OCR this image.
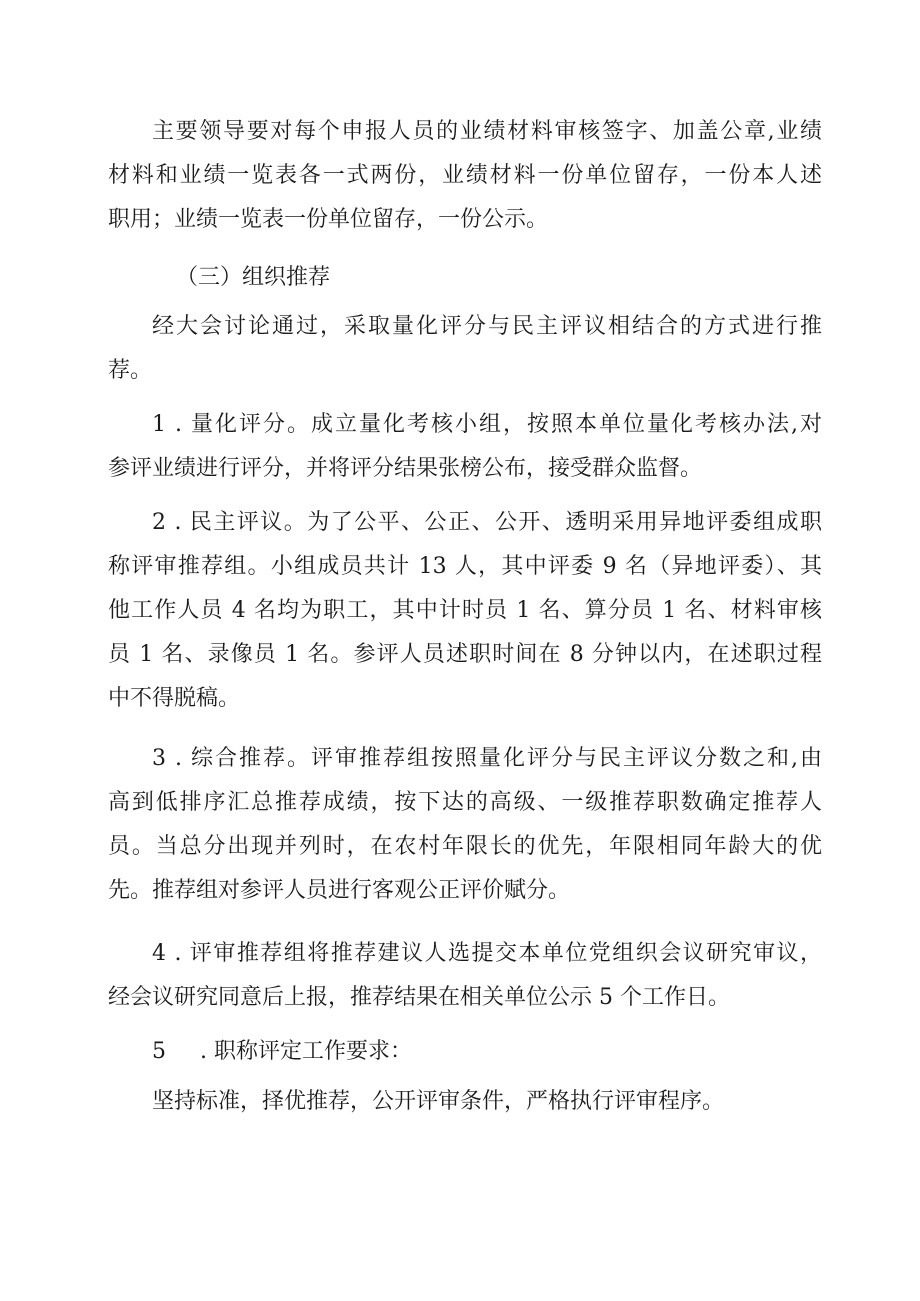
主要领导要对每个申报人员的业绩材料审核签字、加盖公章,业绩
材料和业绩一览表各一式两份，业绩材料一份单位留存，一份本人述
职用；业绩一览表一份单位留存，一份公示。

（三）组织推荐

经大会讨论通过，采取量化评分与民主评议相结合的方式进行推
荐。
1 . 量化评分。成立量化考核小组，按照本单位量化考核办法,对
参评业绩进行评分，并将评分结果张榜公布，接受群众监督。
2 . 民主评议。为了公平、公正、公开、透明采用异地评委组成职
称评审推荐组。小组成员共计 13 人，其中评委 9 名（异地评委）、其
他工作人员 4 名均为职工，其中计时员 1 名、算分员 1 名、材料审核
员 1 名、录像员 1 名。参评人员述职时间在 8 分钟以内，在述职过程
中不得脱稿。
3 . 综合推荐。评审推荐组按照量化评分与民主评议分数之和,由
高到低排序汇总推荐成绩，按下达的高级、一级推荐职数确定推荐人
员。当总分出现并列时，在农村年限长的优先，年限相同年龄大的优
先。推荐组对参评人员进行客观公正评价赋分。
4 . 评审推荐组将推荐建议人选提交本单位党组织会议研究审议，
经会议研究同意后上报，推荐结果在相关单位公示 5 个工作日。

5 . 职称评定工作要求：

坚持标准，择优推荐，公开评审条件，严格执行评审程序。
